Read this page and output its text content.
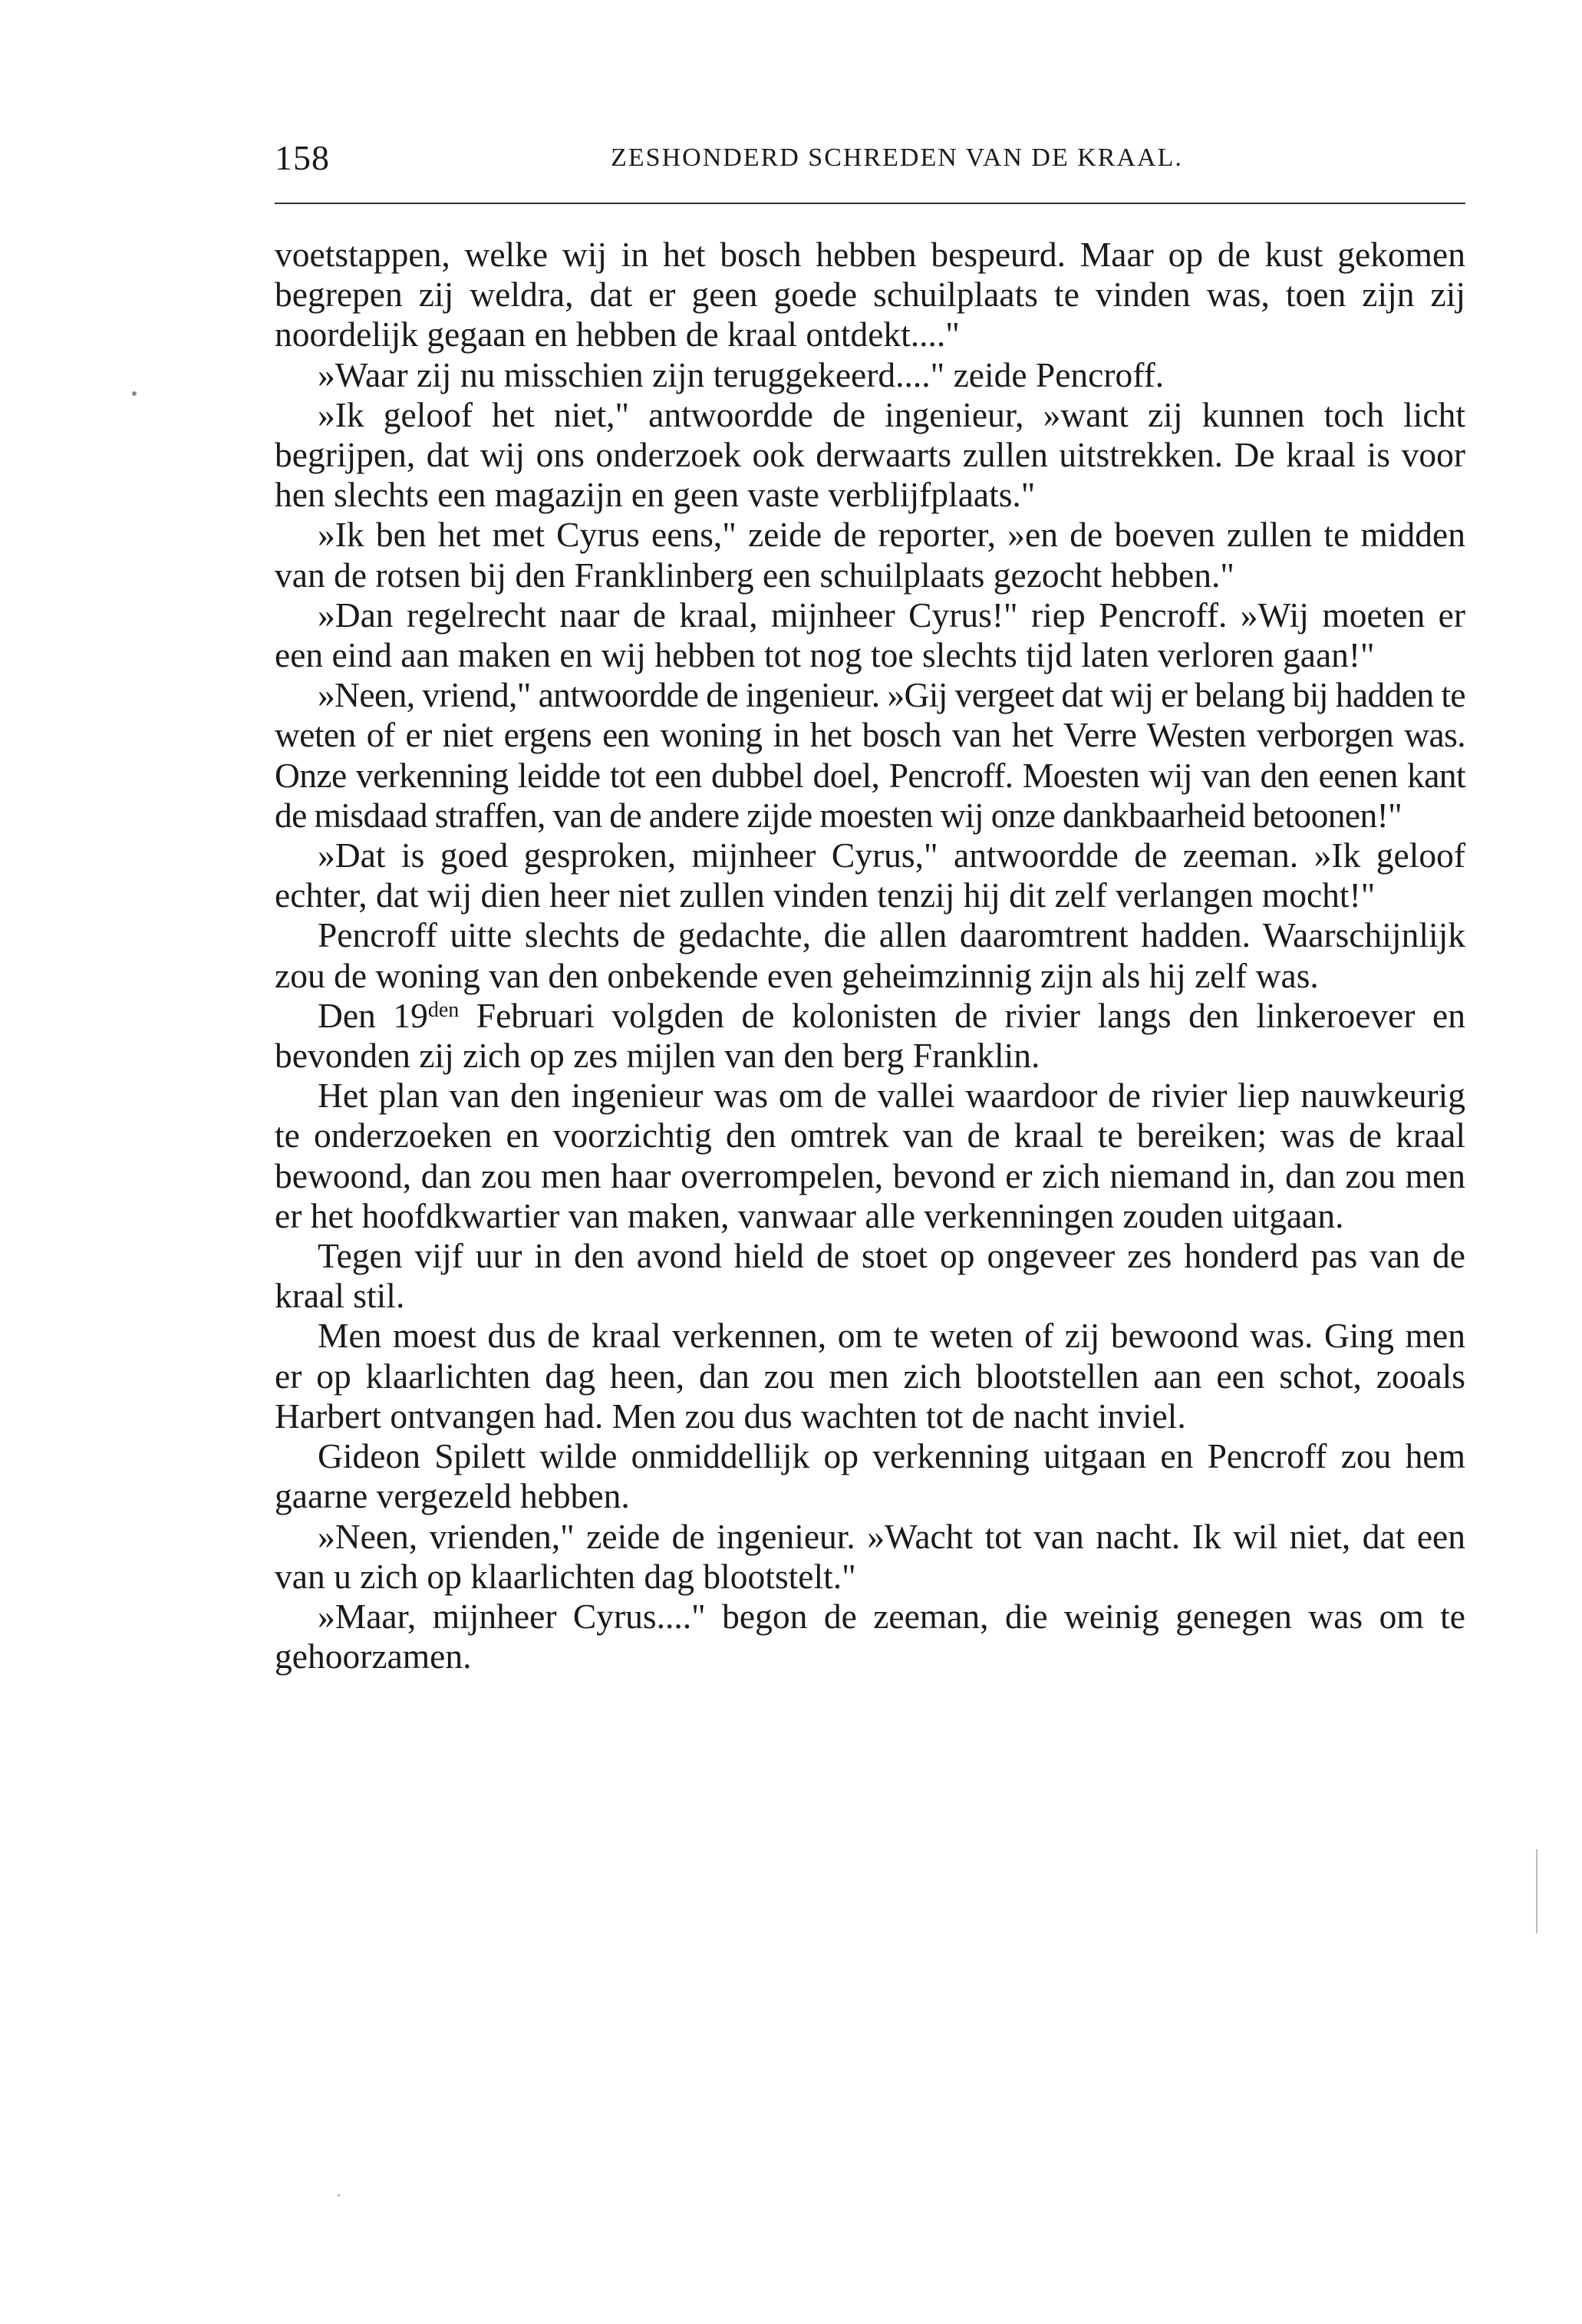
158	ZESHONDERD SCHREDEN VAN DE KRAAL.

voetstappen, welke wij in het bosch hebben bespeurd. Maar op de kust gekomen begrepen zij weldra, dat er geen goede schuilplaats te vinden was, toen zijn zij noordelijk gegaan en hebben de kraal ontdekt...."

»Waar zij nu misschien zijn teruggekeerd...." zeide Pencroff.

»Ik geloof het niet," antwoordde de ingenieur, »want zij kunnen toch licht begrijpen, dat wij ons onderzoek ook derwaarts zullen uitstrekken. De kraal is voor hen slechts een magazijn en geen vaste verblijfplaats."

»Ik ben het met Cyrus eens," zeide de reporter, »en de boeven zullen te midden van de rotsen bij den Franklinberg een schuilplaats gezocht hebben."

»Dan regelrecht naar de kraal, mijnheer Cyrus!" riep Pencroff. »Wij moeten er een eind aan maken en wij hebben tot nog toe slechts tijd laten verloren gaan!"

»Neen, vriend," antwoordde de ingenieur. »Gij vergeet dat wij er belang bij hadden te weten of er niet ergens een woning in het bosch van het Verre Westen verborgen was. Onze verkenning leidde tot een dubbel doel, Pencroff. Moesten wij van den eenen kant de misdaad straffen, van de andere zijde moesten wij onze dankbaarheid betoonen!"

»Dat is goed gesproken, mijnheer Cyrus," antwoordde de zeeman. »Ik geloof echter, dat wij dien heer niet zullen vinden tenzij hij dit zelf verlangen mocht!"

Pencroff uitte slechts de gedachte, die allen daaromtrent hadden. Waarschijnlijk zou de woning van den onbekende even geheimzinnig zijn als hij zelf was.

Den $19^{den}$ Februari volgden de kolonisten de rivier langs den linkeroever en bevonden zij zich op zes mijlen van den berg Franklin.

Het plan van den ingenieur was om de vallei waardoor de rivier liep nauwkeurig te onderzoeken en voorzichtig den omtrek van de kraal te bereiken; was de kraal bewoond, dan zou men haar overrompelen, bevond er zich niemand in, dan zou men er het hoofdkwartier van maken, vanwaar alle verkenningen zouden uitgaan.

Tegen vijf uur in den avond hield de stoet op ongeveer zes honderd pas van de kraal stil.

Men moest dus de kraal verkennen, om te weten of zij bewoond was. Ging men er op klaarlichten dag heen, dan zou men zich blootstellen aan een schot, zooals Harbert ontvangen had. Men zou dus wachten tot de nacht inviel.

Gideon Spilett wilde onmiddellijk op verkenning uitgaan en Pencroff zou hem gaarne vergezeld hebben.

»Neen, vrienden," zeide de ingenieur. »Wacht tot van nacht. Ik wil niet, dat een van u zich op klaarlichten dag blootstelt."

»Maar, mijnheer Cyrus...." begon de zeeman, die weinig genegen was om te gehoorzamen.
